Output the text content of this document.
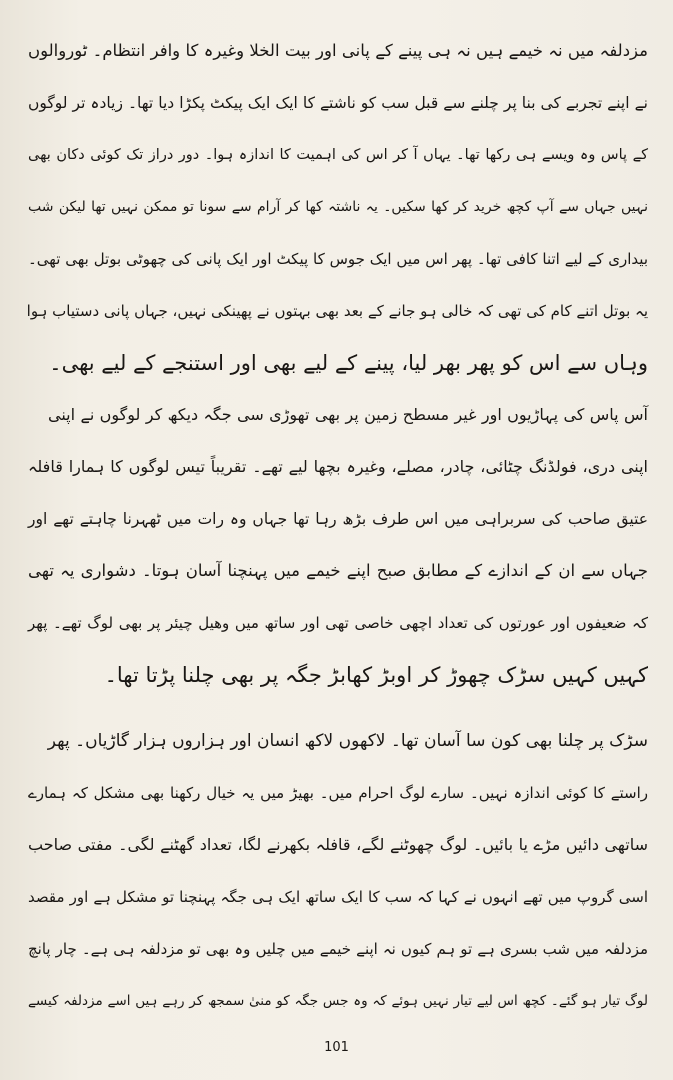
مزدلفہ میں نہ خیمے ہیں نہ ہی پینے کے پانی اور بیت الخلا وغیرہ کا وافر انتظام۔ ٹوروالوں
نے اپنے تجربے کی بنا پر چلنے سے قبل سب کو ناشتے کا ایک ایک پیکٹ پکڑا دیا تھا۔ زیادہ تر لوگوں
کے پاس وہ ویسے ہی رکھا تھا۔ یہاں آ کر اس کی اہمیت کا اندازہ ہوا۔ دور دراز تک کوئی دکان بھی
نہیں جہاں سے آپ کچھ خرید کر کھا سکیں۔ یہ ناشتہ کھا کر آرام سے سونا تو ممکن نہیں تھا لیکن شب
بیداری کے لیے اتنا کافی تھا۔ پھر اس میں ایک جوس کا پیکٹ اور ایک پانی کی چھوٹی بوتل بھی تھی۔
یہ بوتل اتنے کام کی تھی کہ خالی ہو جانے کے بعد بھی بہتوں نے پھینکی نہیں، جہاں پانی دستیاب ہوا
وہاں سے اس کو پھر بھر لیا، پینے کے لیے بھی اور استنجے کے لیے بھی۔
آس پاس کی پہاڑیوں اور غیر مسطح زمین پر بھی تھوڑی سی جگہ دیکھ کر لوگوں نے اپنی
اپنی دری، فولڈنگ چٹائی، چادر، مصلے، وغیرہ بچھا لیے تھے۔ تقریباً تیس لوگوں کا ہمارا قافلہ
عتیق صاحب کی سربراہی میں اس طرف بڑھ رہا تھا جہاں وہ رات میں ٹھہرنا چاہتے تھے اور
جہاں سے ان کے اندازے کے مطابق صبح اپنے خیمے میں پہنچنا آسان ہوتا۔ دشواری یہ تھی
کہ ضعیفوں اور عورتوں کی تعداد اچھی خاصی تھی اور ساتھ میں وھیل چیئر پر بھی لوگ تھے۔ پھر
کہیں کہیں سڑک چھوڑ کر اوبڑ کھابڑ جگہ پر بھی چلنا پڑتا تھا۔
سڑک پر چلنا بھی کون سا آسان تھا۔ لاکھوں لاکھ انسان اور ہزاروں ہزار گاڑیاں۔ پھر
راستے کا کوئی اندازہ نہیں۔ سارے لوگ احرام میں۔ بھیڑ میں یہ خیال رکھنا بھی مشکل کہ ہمارے
ساتھی دائیں مڑے یا بائیں۔ لوگ چھوٹنے لگے، قافلہ بکھرنے لگا، تعداد گھٹنے لگی۔ مفتی صاحب
اسی گروپ میں تھے انہوں نے کہا کہ سب کا ایک ساتھ ایک ہی جگہ پہنچنا تو مشکل ہے اور مقصد
مزدلفہ میں شب بسری ہے تو ہم کیوں نہ اپنے خیمے میں چلیں وہ بھی تو مزدلفہ ہی ہے۔ چار پانچ
لوگ تیار ہو گئے۔ کچھ اس لیے تیار نہیں ہوئے کہ وہ جس جگہ کو منیٰ سمجھ کر رہے ہیں اسے مزدلفہ کیسے
101
